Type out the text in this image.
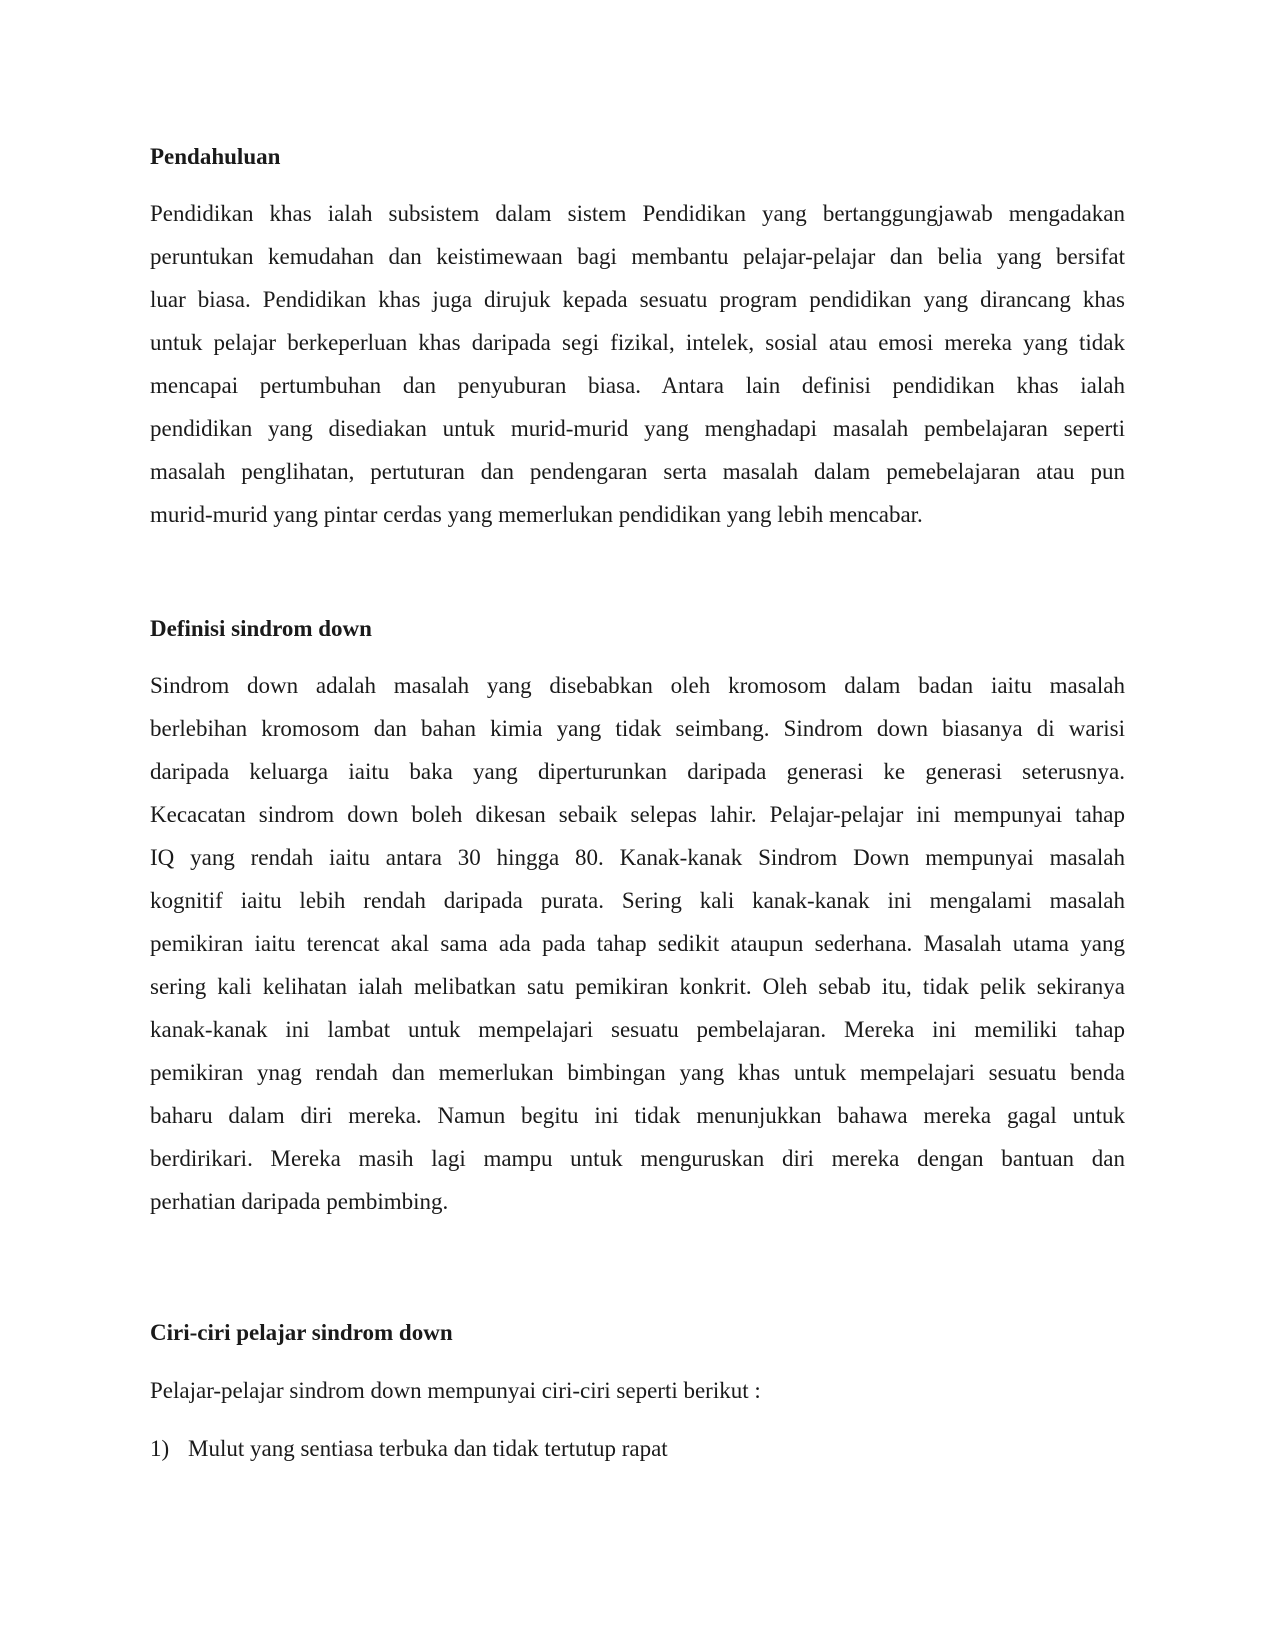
Pendahuluan
Pendidikan khas ialah subsistem dalam sistem Pendidikan yang bertanggungjawab mengadakan
peruntukan kemudahan dan keistimewaan bagi membantu pelajar-pelajar dan belia yang bersifat
luar biasa. Pendidikan khas juga dirujuk kepada sesuatu program pendidikan yang dirancang khas
untuk pelajar berkeperluan khas daripada segi fizikal, intelek, sosial atau emosi mereka yang tidak
mencapai pertumbuhan dan penyuburan biasa. Antara lain definisi pendidikan khas ialah
pendidikan yang disediakan untuk murid-murid yang menghadapi masalah pembelajaran seperti
masalah penglihatan, pertuturan dan pendengaran serta masalah dalam pemebelajaran atau pun
murid-murid yang pintar cerdas yang memerlukan pendidikan yang lebih mencabar.
Definisi sindrom down
Sindrom down adalah masalah yang disebabkan oleh kromosom dalam badan iaitu masalah
berlebihan kromosom dan bahan kimia yang tidak seimbang. Sindrom down biasanya di warisi
daripada keluarga iaitu baka yang diperturunkan daripada generasi ke generasi seterusnya.
Kecacatan sindrom down boleh dikesan sebaik selepas lahir. Pelajar-pelajar ini mempunyai tahap
IQ yang rendah iaitu antara 30 hingga 80. Kanak-kanak Sindrom Down mempunyai masalah
kognitif iaitu lebih rendah daripada purata. Sering kali kanak-kanak ini mengalami masalah
pemikiran iaitu terencat akal sama ada pada tahap sedikit ataupun sederhana. Masalah utama yang
sering kali kelihatan ialah melibatkan satu pemikiran konkrit. Oleh sebab itu, tidak pelik sekiranya
kanak-kanak ini lambat untuk mempelajari sesuatu pembelajaran. Mereka ini memiliki tahap
pemikiran ynag rendah dan memerlukan bimbingan yang khas untuk mempelajari sesuatu benda
baharu dalam diri mereka. Namun begitu ini tidak menunjukkan bahawa mereka gagal untuk
berdirikari. Mereka masih lagi mampu untuk menguruskan diri mereka dengan bantuan dan
perhatian daripada pembimbing.
Ciri-ciri pelajar sindrom down

Pelajar-pelajar sindrom down mempunyai ciri-ciri seperti berikut :

1) Mulut yang sentiasa terbuka dan tidak tertutup rapat
